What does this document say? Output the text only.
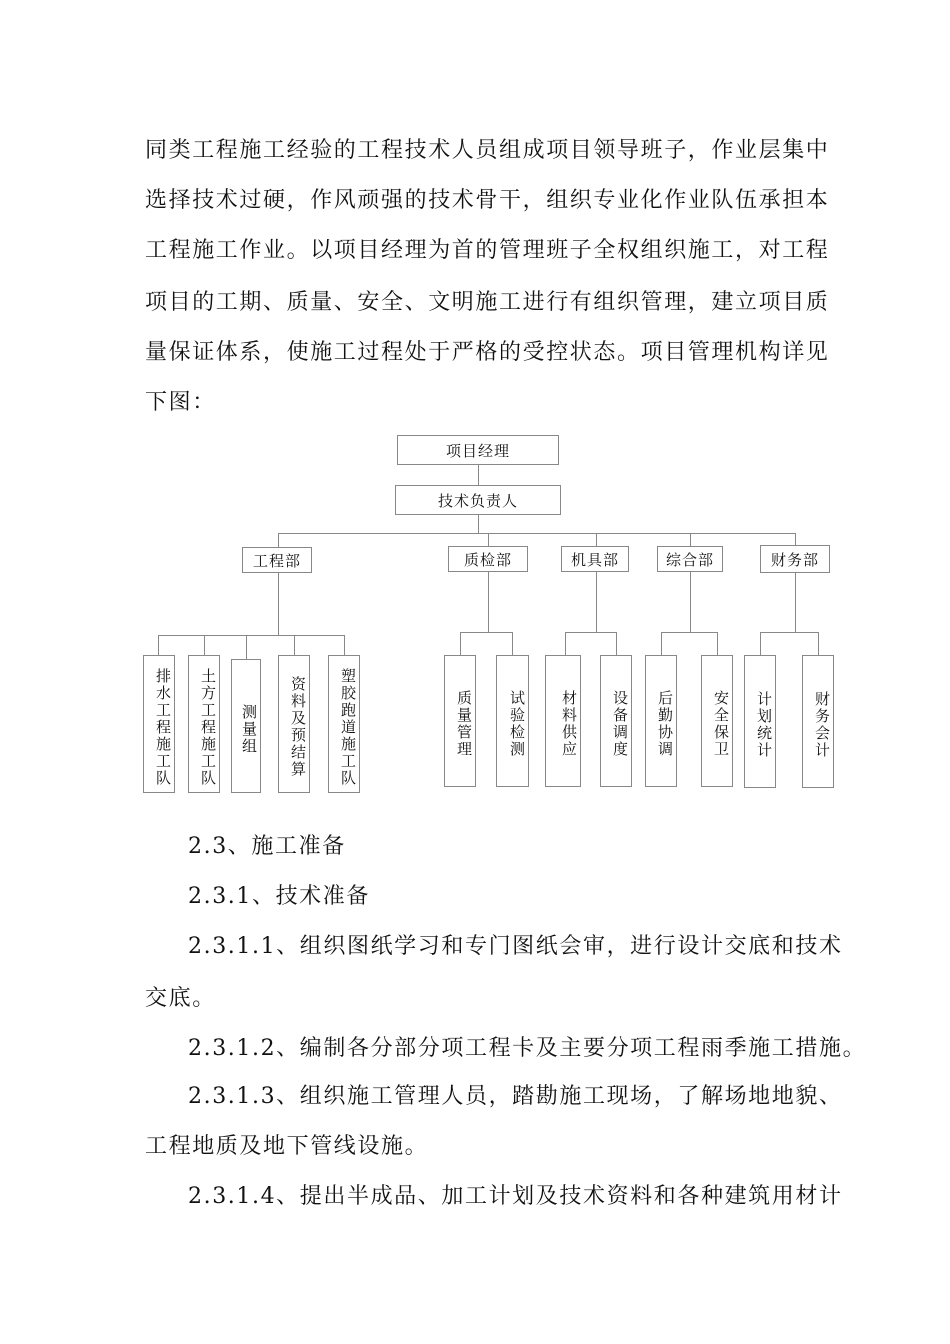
同类工程施工经验的工程技术人员组成项目领导班子，作业层集中
选择技术过硬，作风顽强的技术骨干，组织专业化作业队伍承担本
工程施工作业。以项目经理为首的管理班子全权组织施工，对工程
项目的工期、质量、安全、文明施工进行有组织管理，建立项目质
量保证体系，使施工过程处于严格的受控状态。项目管理机构详见
下图：
项目经理
技术负责人
工程部	质检部	机具部	综合部	财务部
排水工程施工队	土方工程施工队	测量组	资料及预结算	塑胶跑道施工队	质量管理	试验检测	材料供应	设备调度	后勤协调	安全保卫	计划统计	财务会计
2.3、施工准备
2.3.1、技术准备
2.3.1.1、组织图纸学习和专门图纸会审，进行设计交底和技术
交底。
2.3.1.2、编制各分部分项工程卡及主要分项工程雨季施工措施。
2.3.1.3、组织施工管理人员，踏勘施工现场，了解场地地貌、
工程地质及地下管线设施。
2.3.1.4、提出半成品、加工计划及技术资料和各种建筑用材计
